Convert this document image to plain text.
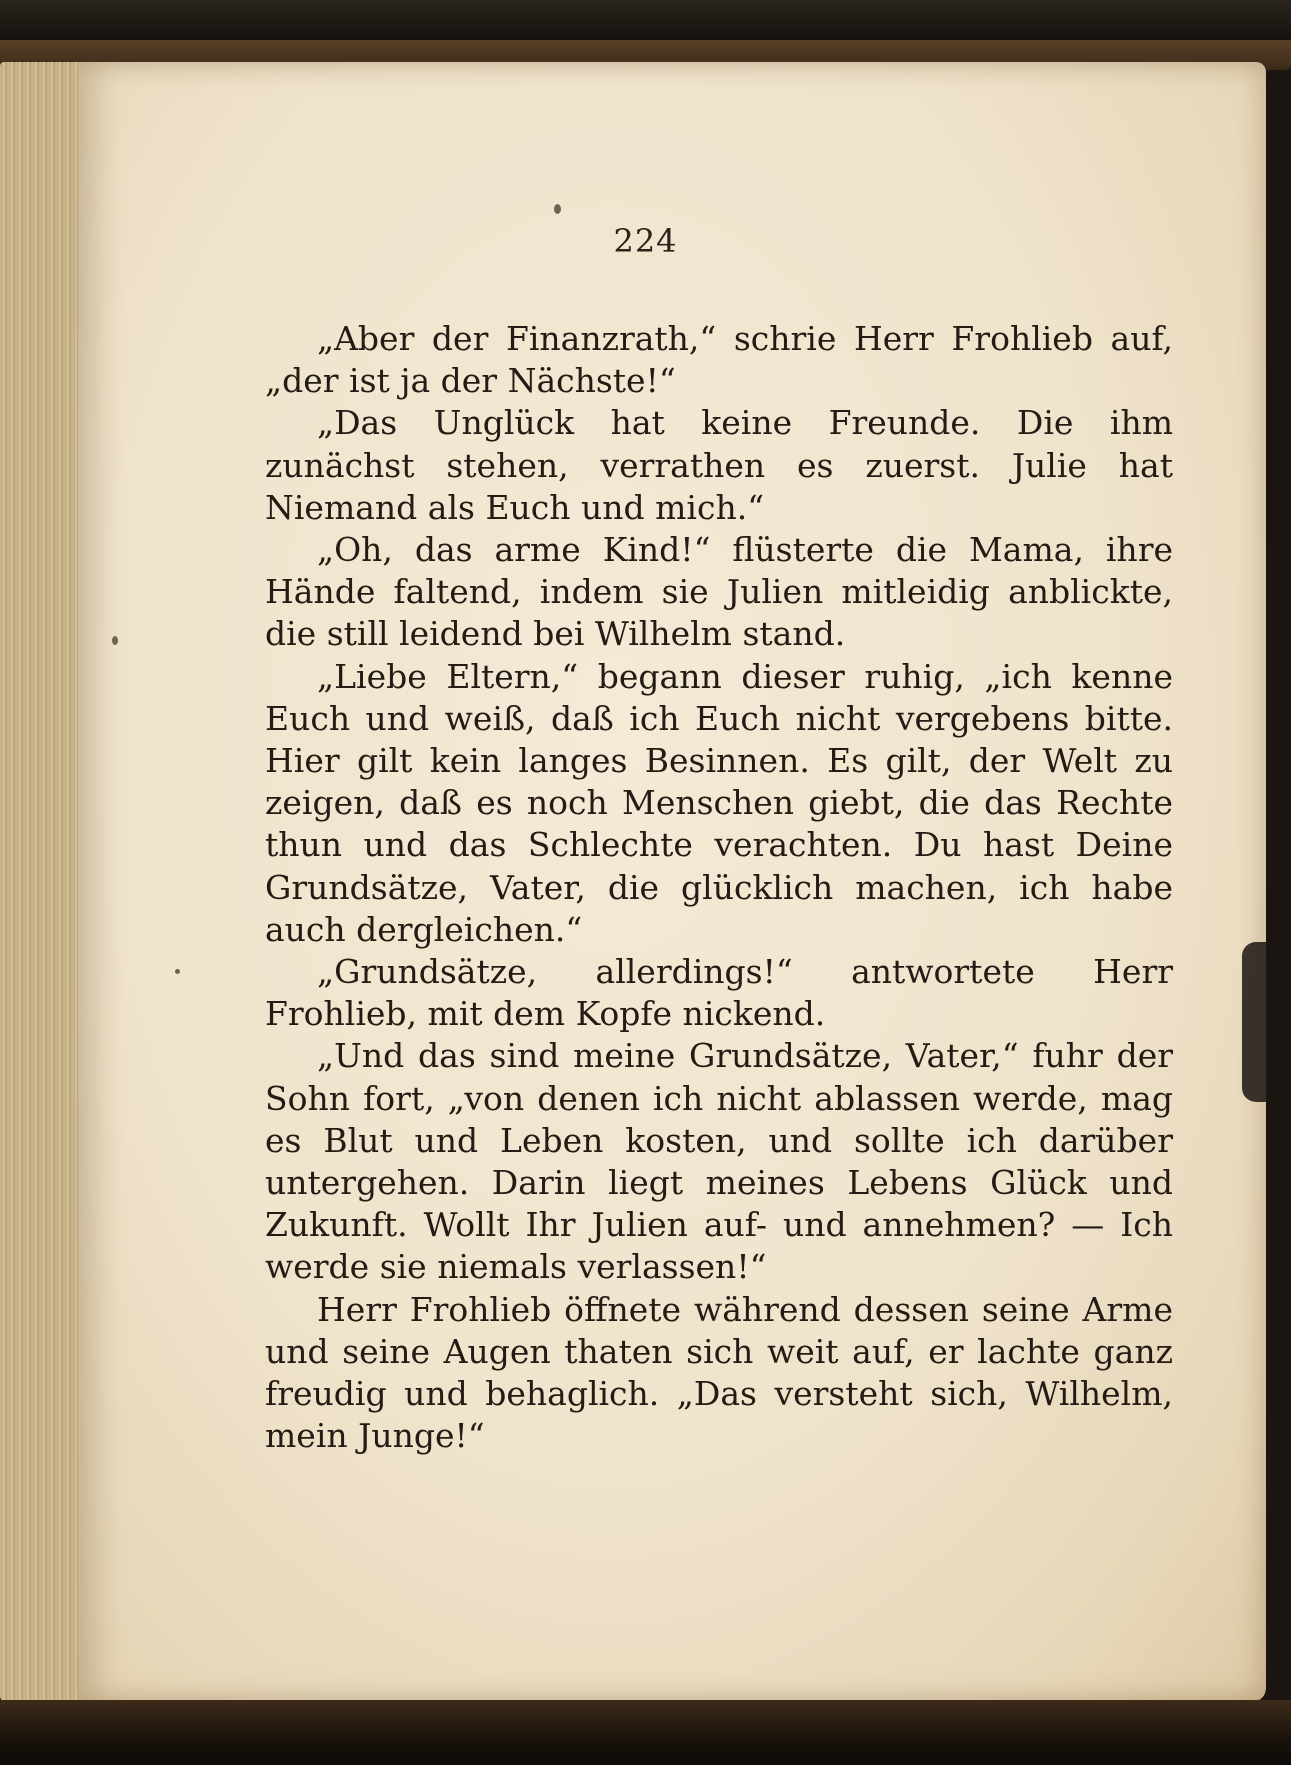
224

„Aber der Finanzrath,“ schrie Herr Frohlieb auf, „der ist ja der Nächste!“

„Das Unglück hat keine Freunde. Die ihm zunächst stehen, verrathen es zuerst. Julie hat Niemand als Euch und mich.“

„Oh, das arme Kind!“ flüsterte die Mama, ihre Hände faltend, indem sie Julien mitleidig anblickte, die still leidend bei Wilhelm stand.

„Liebe Eltern,“ begann dieser ruhig, „ich kenne Euch und weiß, daß ich Euch nicht vergebens bitte. Hier gilt kein langes Besinnen. Es gilt, der Welt zu zeigen, daß es noch Menschen giebt, die das Rechte thun und das Schlechte verachten. Du hast Deine Grundsätze, Vater, die glücklich machen, ich habe auch dergleichen.“

„Grundsätze, allerdings!“ antwortete Herr Frohlieb, mit dem Kopfe nickend.

„Und das sind meine Grundsätze, Vater,“ fuhr der Sohn fort, „von denen ich nicht ablassen werde, mag es Blut und Leben kosten, und sollte ich darüber untergehen. Darin liegt meines Lebens Glück und Zukunft. Wollt Ihr Julien auf- und annehmen? — Ich werde sie niemals verlassen!“

Herr Frohlieb öffnete während dessen seine Arme und seine Augen thaten sich weit auf, er lachte ganz freudig und behaglich. „Das versteht sich, Wilhelm, mein Junge!“
